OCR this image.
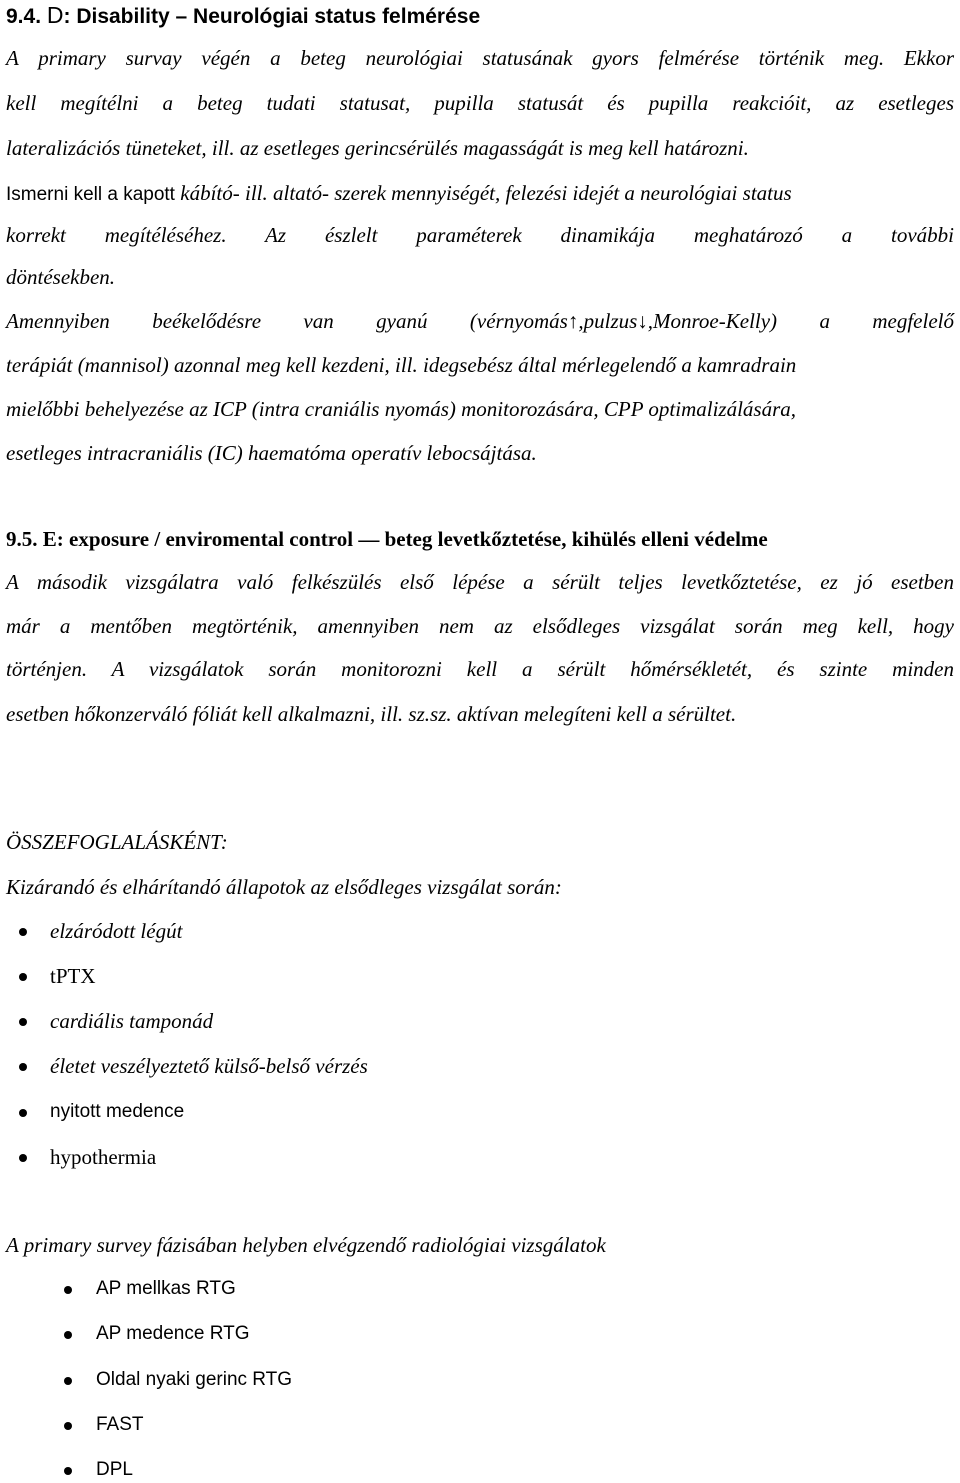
9.4. D: Disability – Neurológiai status felmérése
A primary survay végén a beteg neurológiai statusának gyors felmérése történik meg. Ekkor
kell megítélni a beteg tudati statusat, pupilla statusát és pupilla reakcióit, az esetleges
lateralizációs tüneteket, ill. az esetleges gerincsérülés magasságát is meg kell határozni.
Ismerni kell a kapott kábító- ill. altató- szerek mennyiségét, felezési idejét a neurológiai status
korrekt megítéléséhez. Az észlelt paraméterek dinamikája meghatározó a további
döntésekben.
Amennyiben beékelődésre van gyanú (vérnyomás↑,pulzus↓,Monroe-Kelly) a megfelelő
terápiát (mannisol) azonnal meg kell kezdeni, ill. idegsebész által mérlegelendő a kamradrain
mielőbbi behelyezése az ICP (intra craniális nyomás) monitorozására, CPP optimalizálására,
esetleges intracraniális (IC) haematóma operatív lebocsájtása.
9.5. E: exposure / enviromental control — beteg levetkőztetése, kihülés elleni védelme
A második vizsgálatra való felkészülés első lépése a sérült teljes levetkőztetése, ez jó esetben
már a mentőben megtörténik, amennyiben nem az elsődleges vizsgálat során meg kell, hogy
történjen. A vizsgálatok során monitorozni kell a sérült hőmérsékletét, és szinte minden
esetben hőkonzerváló fóliát kell alkalmazni, ill. sz.sz. aktívan melegíteni kell a sérültet.
ÖSSZEFOGLALÁSKÉNT:
Kizárandó és elhárítandó állapotok az elsődleges vizsgálat során:
elzáródott légút
tPTX
cardiális tamponád
életet veszélyeztető külső-belső vérzés
nyitott medence
hypothermia
A primary survey fázisában helyben elvégzendő radiológiai vizsgálatok
AP mellkas RTG
AP medence RTG
Oldal nyaki gerinc RTG
FAST
DPL
